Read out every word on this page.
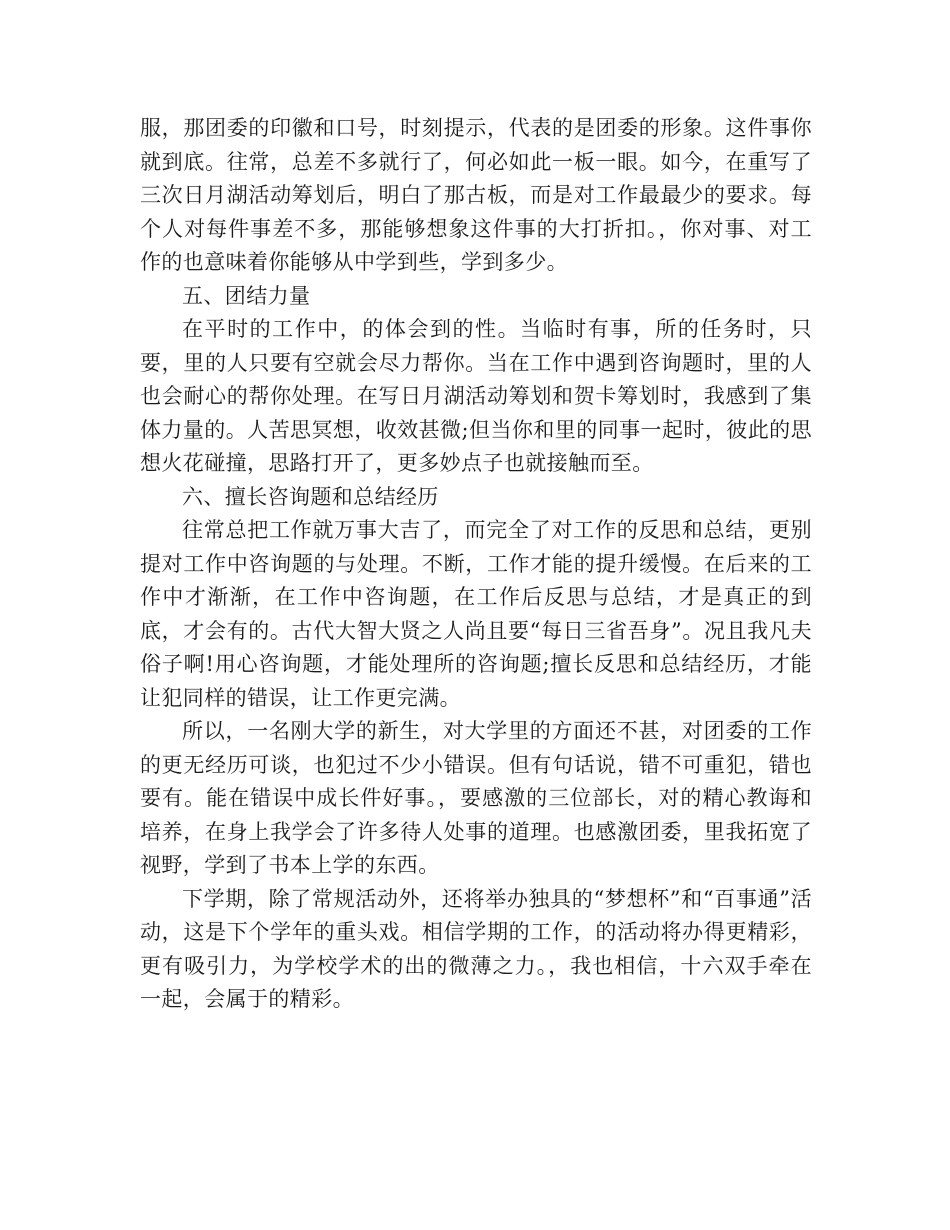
服，那团委的印徽和口号，时刻提示，代表的是团委的形象。这件事你就到底。往常，总差不多就行了，何必如此一板一眼。如今，在重写了三次日月湖活动筹划后，明白了那古板，而是对工作最最少的要求。每个人对每件事差不多，那能够想象这件事的大打折扣。，你对事、对工作的也意味着你能够从中学到些，学到多少。

五、团结力量

在平时的工作中，的体会到的性。当临时有事，所的任务时，只要，里的人只要有空就会尽力帮你。当在工作中遇到咨询题时，里的人也会耐心的帮你处理。在写日月湖活动筹划和贺卡筹划时，我感到了集体力量的。人苦思冥想，收效甚微;但当你和里的同事一起时，彼此的思想火花碰撞，思路打开了，更多妙点子也就接触而至。

六、擅长咨询题和总结经历

往常总把工作就万事大吉了，而完全了对工作的反思和总结，更别提对工作中咨询题的与处理。不断，工作才能的提升缓慢。在后来的工作中才渐渐，在工作中咨询题，在工作后反思与总结，才是真正的到底，才会有的。古代大智大贤之人尚且要“每日三省吾身”。况且我凡夫俗子啊!用心咨询题，才能处理所的咨询题;擅长反思和总结经历，才能让犯同样的错误，让工作更完满。

所以，一名刚大学的新生，对大学里的方面还不甚，对团委的工作的更无经历可谈，也犯过不少小错误。但有句话说，错不可重犯，错也要有。能在错误中成长件好事。，要感激的三位部长，对的精心教诲和培养，在身上我学会了许多待人处事的道理。也感激团委，里我拓宽了视野，学到了书本上学的东西。

下学期，除了常规活动外，还将举办独具的“梦想杯”和“百事通”活动，这是下个学年的重头戏。相信学期的工作，的活动将办得更精彩，更有吸引力，为学校学术的出的微薄之力。，我也相信，十六双手牵在一起，会属于的精彩。
